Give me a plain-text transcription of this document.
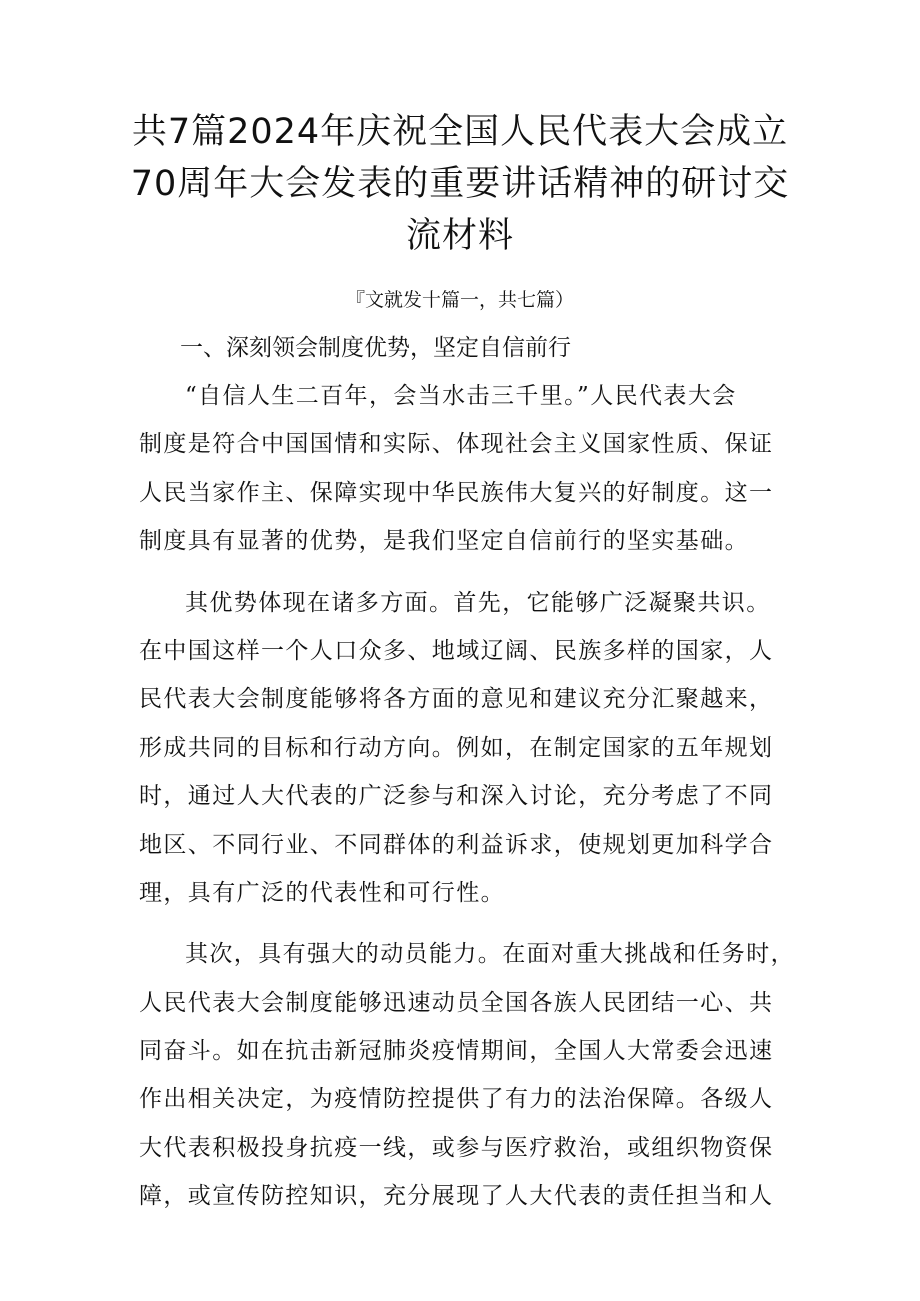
共7篇2024年庆祝全国人民代表大会成立
70周年大会发表的重要讲话精神的研讨交
流材料
『文就发十篇一，共七篇）
一、深刻领会制度优势，坚定自信前行
“自信人生二百年，会当水击三千里。”人民代表大会
制度是符合中国国情和实际、体现社会主义国家性质、保证
人民当家作主、保障实现中华民族伟大复兴的好制度。这一
制度具有显著的优势，是我们坚定自信前行的坚实基础。
其优势体现在诸多方面。首先，它能够广泛凝聚共识。
在中国这样一个人口众多、地域辽阔、民族多样的国家，人
民代表大会制度能够将各方面的意见和建议充分汇聚越来，
形成共同的目标和行动方向。例如，在制定国家的五年规划
时，通过人大代表的广泛参与和深入讨论，充分考虑了不同
地区、不同行业、不同群体的利益诉求，使规划更加科学合
理，具有广泛的代表性和可行性。
其次，具有强大的动员能力。在面对重大挑战和任务时，
人民代表大会制度能够迅速动员全国各族人民团结一心、共
同奋斗。如在抗击新冠肺炎疫情期间，全国人大常委会迅速
作出相关决定，为疫情防控提供了有力的法治保障。各级人
大代表积极投身抗疫一线，或参与医疗救治，或组织物资保
障，或宣传防控知识，充分展现了人大代表的责任担当和人
